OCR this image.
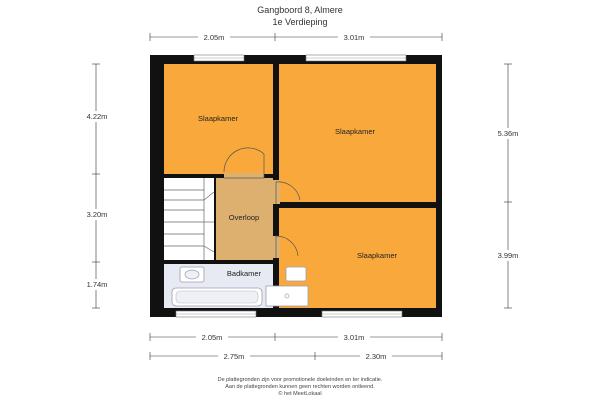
Gangboord 8, Almere
1e Verdieping
Slaapkamer
Slaapkamer
Overloop
Badkamer
Slaapkamer
2.05m	3.01m
2.05m	3.01m
2.75m	2.30m
4.22m
3.20m
1.74m
5.36m
3.99m
De plattegronden zijn voor promotionele doeleinden en ter indicatie.
Aan de plattegronden kunnen geen rechten worden ontleend.
© het MeetLokaal
